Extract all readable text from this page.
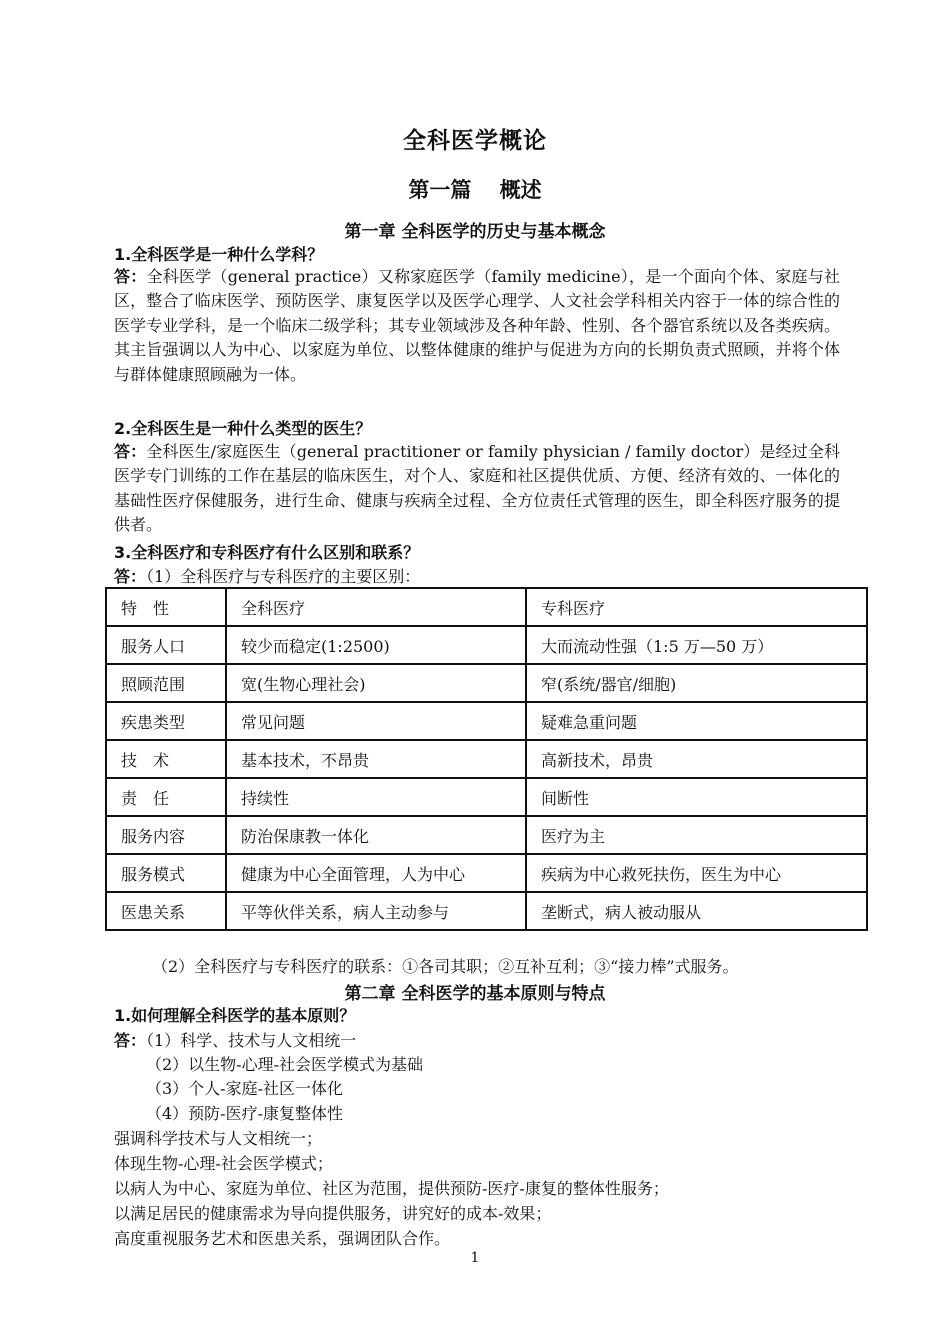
全科医学概论
第一篇　 概述
第一章 全科医学的历史与基本概念
1.全科医学是一种什么学科？
答：全科医学（general practice）又称家庭医学（family medicine），是一个面向个体、家庭与社区，整合了临床医学、预防医学、康复医学以及医学心理学、人文社会学科相关内容于一体的综合性的医学专业学科，是一个临床二级学科；其专业领域涉及各种年龄、性别、各个器官系统以及各类疾病。其主旨强调以人为中心、以家庭为单位、以整体健康的维护与促进为方向的长期负责式照顾，并将个体与群体健康照顾融为一体。
2.全科医生是一种什么类型的医生？
答：全科医生/家庭医生（general practitioner or family physician / family doctor）是经过全科医学专门训练的工作在基层的临床医生，对个人、家庭和社区提供优质、方便、经济有效的、一体化的基础性医疗保健服务，进行生命、健康与疾病全过程、全方位责任式管理的医生，即全科医疗服务的提供者。
3.全科医疗和专科医疗有什么区别和联系？
答：（1）全科医疗与专科医疗的主要区别：
特　性	全科医疗	专科医疗
服务人口	较少而稳定(1:2500)	大而流动性强（1:5 万—50 万）
照顾范围	宽(生物心理社会)	窄(系统/器官/细胞)
疾患类型	常见问题	疑难急重问题
技　术	基本技术，不昂贵	高新技术，昂贵
责　任	持续性	间断性
服务内容	防治保康教一体化	医疗为主
服务模式	健康为中心全面管理，人为中心	疾病为中心救死扶伤，医生为中心
医患关系	平等伙伴关系，病人主动参与	垄断式，病人被动服从
（2）全科医疗与专科医疗的联系：①各司其职；②互补互利；③“接力棒”式服务。
第二章 全科医学的基本原则与特点
1.如何理解全科医学的基本原则？
答：（1）科学、技术与人文相统一
（2）以生物-心理-社会医学模式为基础
（3）个人-家庭-社区一体化
（4）预防-医疗-康复整体性
强调科学技术与人文相统一；
体现生物-心理-社会医学模式；
以病人为中心、家庭为单位、社区为范围，提供预防-医疗-康复的整体性服务；
以满足居民的健康需求为导向提供服务，讲究好的成本-效果；
高度重视服务艺术和医患关系，强调团队合作。
1
